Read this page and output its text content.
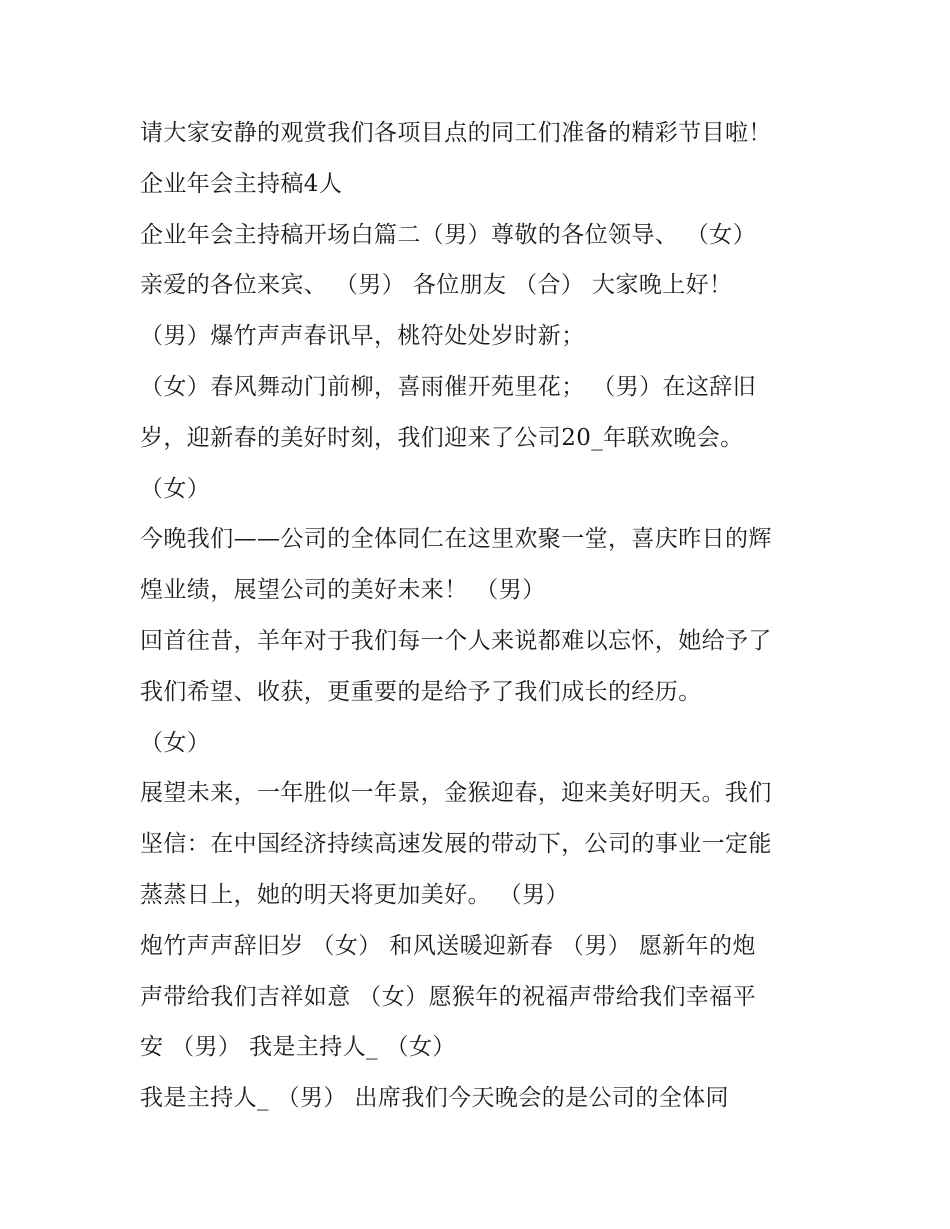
请大家安静的观赏我们各项目点的同工们准备的精彩节目啦！
企业年会主持稿4人
企业年会主持稿开场白篇二（男）尊敬的各位领导、 （女）
亲爱的各位来宾、 （男） 各位朋友 （合） 大家晚上好！
（男）爆竹声声春讯早，桃符处处岁时新；
（女）春风舞动门前柳，喜雨催开苑里花； （男）在这辞旧
岁，迎新春的美好时刻，我们迎来了公司20_年联欢晚会。
（女）
今晚我们——公司的全体同仁在这里欢聚一堂，喜庆昨日的辉
煌业绩，展望公司的美好未来！ （男）
回首往昔，羊年对于我们每一个人来说都难以忘怀，她给予了
我们希望、收获，更重要的是给予了我们成长的经历。
（女）
展望未来，一年胜似一年景，金猴迎春，迎来美好明天。我们
坚信：在中国经济持续高速发展的带动下，公司的事业一定能
蒸蒸日上，她的明天将更加美好。 （男）
炮竹声声辞旧岁 （女） 和风送暖迎新春 （男） 愿新年的炮
声带给我们吉祥如意 （女）愿猴年的祝福声带给我们幸福平
安 （男） 我是主持人_ （女）
我是主持人_ （男） 出席我们今天晚会的是公司的全体同
